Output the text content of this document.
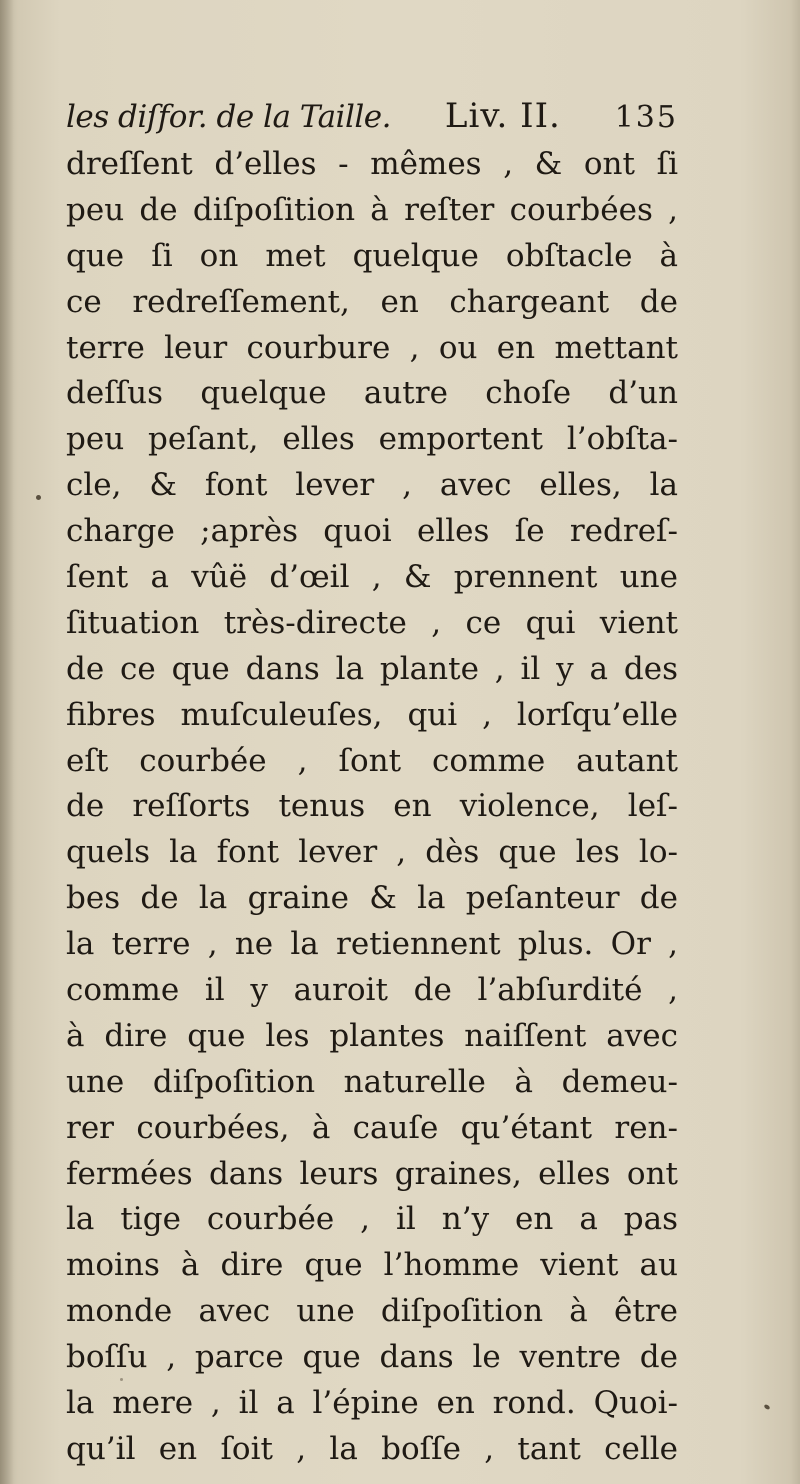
les diſfor. de la Taille. Liv. II. 135
dreſſent d’elles - mêmes , & ont ſi
peu de diſpoſition à reſter courbées ,
que ſi on met quelque obſtacle à
ce redreſſement, en chargeant de
terre leur courbure , ou en mettant
deſſus quelque autre choſe d’un
peu peſant, elles emportent l’obſta-
cle, & font lever , avec elles, la
charge ;après quoi elles ſe redreſ-
ſent a vûë d’œil , & prennent une
ſituation très-directe , ce qui vient
de ce que dans la plante , il y a des
fibres muſculeuſes, qui , lorſqu’elle
eſt courbée , ſont comme autant
de reſſorts tenus en violence, leſ-
quels la font lever , dès que les lo-
bes de la graine & la peſanteur de
la terre , ne la retiennent plus. Or ,
comme il y auroit de l’abſurdité ,
à dire que les plantes naiſſent avec
une diſpoſition naturelle à demeu-
rer courbées, à cauſe qu’étant ren-
fermées dans leurs graines, elles ont
la tige courbée , il n’y en a pas
moins à dire que l’homme vient au
monde avec une diſpoſition à être
boſſu , parce que dans le ventre de
la mere , il a l’épine en rond. Quoi-
qu’il en ſoit , la boſſe , tant celle
